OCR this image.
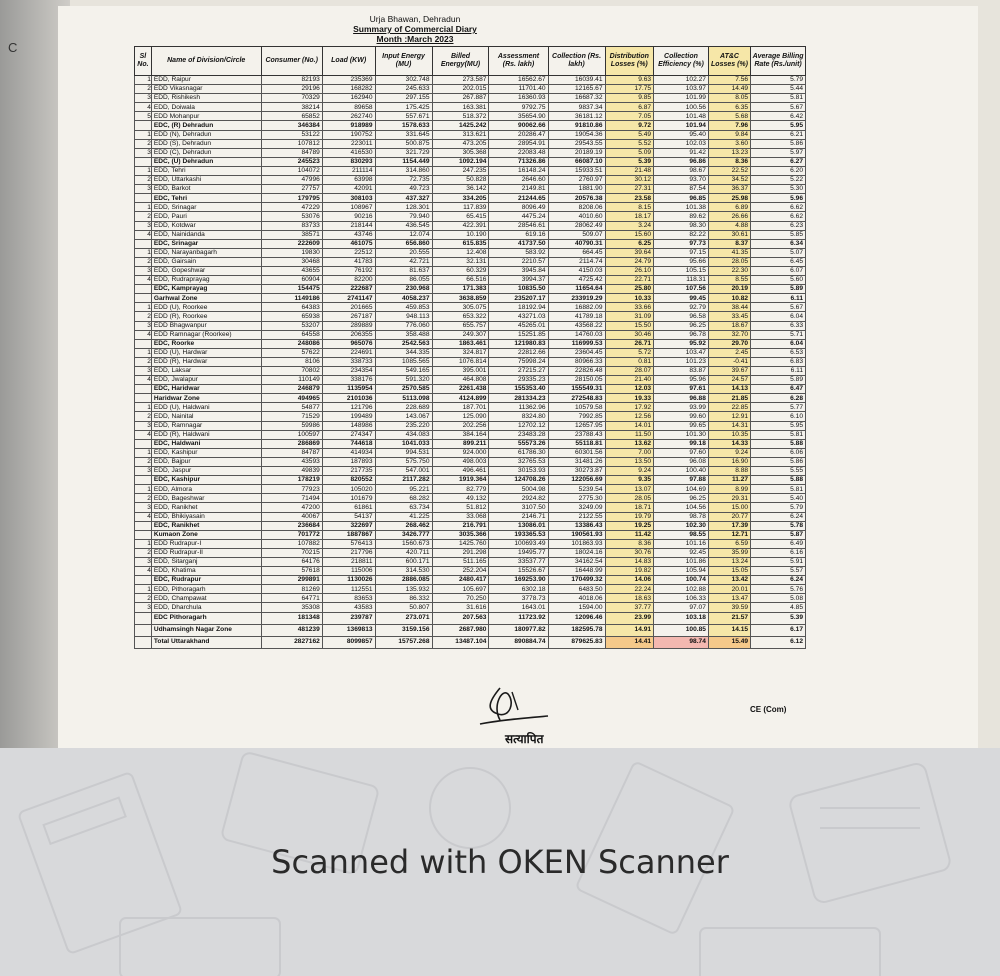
C
Urja Bhawan, Dehradun
Summary of Commercial Diary
Month :March 2023
Sl No.	Name of Division/Circle	Consumer (No.)	Load (KW)	Input Energy (MU)	Billed Energy(MU)	Assessment (Rs. lakh)	Collection (Rs. lakh)	Distribution Losses (%)	Collection Efficiency (%)	AT&C Losses (%)	Average Billing Rate (Rs./unit)
1	EDD, Raipur	82193	235369	302.748	273.587	16562.67	16039.41	9.63	102.27	7.56	5.79
2	EDD Vikasnagar	29196	168282	245.633	202.015	11701.40	12165.67	17.75	103.97	14.49	5.44
3	EDD, Rishikesh	70329	162940	297.155	267.887	16360.93	16687.32	9.85	101.99	8.05	5.81
4	EDD, Doiwala	38214	89658	175.425	163.381	9792.75	9837.34	6.87	100.56	6.35	5.67
5	EDD Mohanpur	65852	262740	557.671	518.372	35654.90	36181.12	7.05	101.48	5.68	6.42
	EDC, (R) Dehradun	346384	918989	1578.633	1425.242	90062.66	91810.86	9.72	101.94	7.96	5.95
1	EDD (N), Dehradun	53122	190752	331.645	313.621	20286.47	19054.36	5.49	95.40	9.84	6.21
2	EDD (S), Dehradun	107812	223011	500.875	473.205	28954.91	29543.55	5.52	102.03	3.60	5.86
3	EDD (C), Dehradun	84789	416530	321.729	305.368	22083.48	20189.19	5.09	91.42	13.23	5.97
	EDC, (U) Dehradun	245523	830293	1154.449	1092.194	71326.86	66087.10	5.39	96.86	8.36	6.27
1	EDD, Tehri	104072	211114	314.860	247.235	16148.24	15933.51	21.48	98.67	22.52	6.20
2	EDD, Uttarkashi	47996	63998	72.735	50.828	2646.60	2760.97	30.12	93.70	34.52	5.22
3	EDD, Barkot	27757	42091	49.723	36.142	2149.81	1881.90	27.31	87.54	36.37	5.30
	EDC, Tehri	179795	308103	437.327	334.205	21244.65	20576.38	23.58	96.85	25.98	5.96
1	EDD, Srinagar	47229	108967	128.301	117.839	8096.49	8208.06	8.15	101.38	6.89	6.62
2	EDD, Pauri	53076	90216	79.940	65.415	4475.24	4010.60	18.17	89.62	26.66	6.62
3	EDD, Kotdwar	83733	218144	436.545	422.391	28546.61	28062.49	3.24	98.30	4.88	6.23
4	EDD, Nainidanda	38571	43746	12.074	10.190	619.16	509.07	15.60	82.22	30.61	5.85
	EDC, Srinagar	222609	461075	656.860	615.835	41737.50	40790.31	6.25	97.73	8.37	6.34
1	EDD, Narayanbagarh	19830	22512	20.555	12.408	583.92	664.45	39.64	97.15	41.35	5.07
2	EDD, Gairsain	30468	41783	42.721	32.131	2210.57	2114.74	24.79	95.66	28.05	6.45
3	EDD, Gopeshwar	43655	76192	81.637	60.329	3945.84	4150.03	26.10	105.15	22.30	6.07
4	EDD, Rudraprayag	60904	82200	86.055	66.516	3994.37	4725.42	22.71	118.31	8.55	5.60
	EDC, Kamprayag	154475	222687	230.968	171.383	10835.50	11654.64	25.80	107.56	20.19	5.89
	Garhwal Zone	1149186	2741147	4058.237	3638.859	235207.17	233919.29	10.33	99.45	10.82	6.11
1	EDD (U), Roorkee	64383	201665	459.853	305.075	18192.94	16882.09	33.66	92.79	38.44	5.67
2	EDD (R), Roorkee	65938	267187	948.113	653.322	43271.03	41789.18	31.09	96.58	33.45	6.04
3	EDD Bhagwanpur	53207	289889	776.060	655.757	45265.01	43568.22	15.50	96.25	18.67	6.33
4	EDD Ramnagar (Roorkee)	64558	206355	358.488	249.307	15251.85	14760.03	30.46	96.78	32.70	5.71
	EDC, Roorke	248086	965076	2542.563	1863.461	121980.83	116999.53	26.71	95.92	29.70	6.04
1	EDD (U), Hardwar	57622	224691	344.335	324.817	22812.66	23604.45	5.72	103.47	2.45	6.53
2	EDD (R), Hardwar	8106	338733	1085.565	1076.814	75998.24	80966.33	0.81	101.23	-0.41	6.83
3	EDD, Laksar	70802	234354	549.165	395.001	27215.27	22826.48	28.07	83.87	39.67	6.11
4	EDD, Jwalapur	110149	338176	591.320	464.808	29335.23	28150.05	21.40	95.96	24.57	5.89
	EDC, Haridwar	246879	1135954	2570.585	2261.438	155353.40	155549.31	12.03	97.61	14.13	6.47
	Haridwar Zone	494965	2101036	5113.098	4124.899	281334.23	272548.83	19.33	96.88	21.85	6.28
1	EDD (U), Haldwani	54877	121796	228.689	187.701	11362.96	10579.58	17.92	93.99	22.85	5.77
2	EDD, Nainital	71529	199489	143.067	125.090	8324.80	7992.85	12.56	99.60	12.91	6.10
3	EDD, Ramnagar	59986	148986	235.220	202.256	12702.12	12657.95	14.01	99.65	14.31	5.95
4	EDD (R), Haldwani	100597	274347	434.083	384.164	23483.28	23788.43	11.50	101.30	10.35	5.81
	EDC, Haldwani	286869	744618	1041.033	899.211	55573.26	55118.81	13.62	99.18	14.33	5.88
1	EDD, Kashipur	84787	414934	994.531	924.000	61786.30	60301.56	7.00	97.60	9.24	6.06
2	EDD, Bajpur	43593	187893	575.750	498.003	32765.53	31481.26	13.50	96.08	16.90	5.86
3	EDD, Jaspur	49839	217735	547.001	496.461	30153.93	30273.87	9.24	100.40	8.88	5.55
	EDC, Kashipur	178219	820552	2117.282	1919.364	124708.26	122056.69	9.35	97.88	11.27	5.88
1	EDD, Almora	77923	105020	95.221	82.779	5004.98	5239.54	13.07	104.69	8.99	5.81
2	EDD, Bageshwar	71494	101679	68.282	49.132	2924.82	2775.30	28.05	96.25	29.31	5.40
3	EDD, Ranikhet	47200	61861	63.734	51.812	3107.50	3249.09	18.71	104.56	15.00	5.79
4	EDD, Bhikiyasain	40067	54137	41.225	33.068	2146.71	2122.55	19.79	98.78	20.77	6.24
	EDC, Ranikhet	236684	322697	268.462	216.791	13086.01	13386.43	19.25	102.30	17.39	5.78
	Kumaon Zone	701772	1887867	3426.777	3035.366	193365.53	190561.93	11.42	98.55	12.71	5.87
1	EDD Rudrapur-I	107882	576413	1560.673	1425.760	100693.49	101863.93	8.36	101.16	6.59	6.49
2	EDD Rudrapur-II	70215	217796	420.711	291.298	19495.77	18024.16	30.76	92.45	35.99	6.16
3	EDD, Sitarganj	64176	218811	600.171	511.165	33537.77	34162.54	14.83	101.86	13.24	5.91
4	EDD, Khatima	57618	115006	314.530	252.204	15526.67	16448.99	19.82	105.94	15.05	5.57
	EDC, Rudrapur	299891	1130026	2886.085	2480.417	169253.90	170499.32	14.06	100.74	13.42	6.24
1	EDD, Pithoragarh	81269	112551	135.932	105.697	6302.18	6483.50	22.24	102.88	20.01	5.76
2	EDD, Champawat	64771	83653	86.332	70.250	3778.73	4018.06	18.63	106.33	13.47	5.08
3	EDD, Dharchula	35308	43583	50.807	31.616	1643.01	1594.00	37.77	97.07	39.59	4.85
	EDC Pithoragarh	181348	239787	273.071	207.563	11723.92	12096.46	23.99	103.18	21.57	5.39
	Udhamsingh Nagar Zone	481239	1369813	3159.156	2687.980	180977.82	182595.78	14.91	100.85	14.15	6.17
	Total Uttarakhand	2827162	8099857	15757.268	13487.104	890884.74	879625.83	14.41	98.74	15.49	6.12
सत्यापित
CE (Com)
Scanned with OKEN Scanner
